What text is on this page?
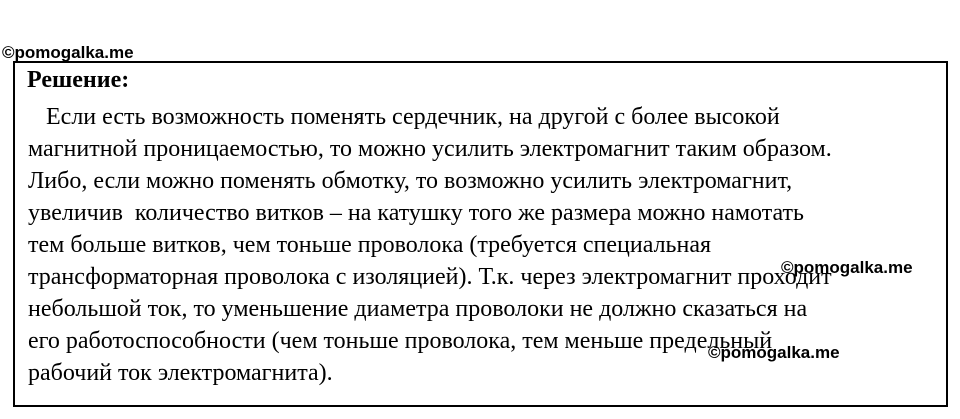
©pomogalka.me
Решение:
Если есть возможность поменять сердечник, на другой с более высокой
магнитной проницаемостью, то можно усилить электромагнит таким образом.
Либо, если можно поменять обмотку, то возможно усилить электромагнит,
увеличив  количество витков – на катушку того же размера можно намотать
тем больше витков, чем тоньше проволока (требуется специальная
трансформаторная проволока с изоляцией). Т.к. через электромагнит проходит
небольшой ток, то уменьшение диаметра проволоки не должно сказаться на
его работоспособности (чем тоньше проволока, тем меньше предельный
рабочий ток электромагнита).
©pomogalka.me
©pomogalka.me
